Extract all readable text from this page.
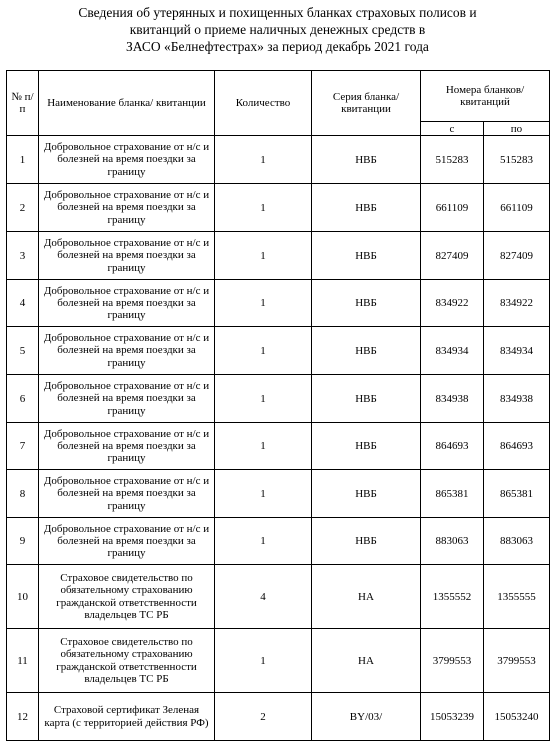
Сведения об утерянных и похищенных бланках страховых полисов и
квитанций о приеме наличных денежных средств в
ЗАСО «Белнефтестрах» за период декабрь 2021 года
№ п/п	Наименование бланка/ квитанции	Количество	Серия бланка/ квитанции	Номера бланков/квитанций	
				с	по
1	Добровольное страхование от н/с и болезней на время поездки за границу	1	НВБ	515283	515283
2	Добровольное страхование от н/с и болезней на время поездки за границу	1	НВБ	661109	661109
3	Добровольное страхование от н/с и болезней на время поездки за границу	1	НВБ	827409	827409
4	Добровольное страхование от н/с и болезней на время поездки за границу	1	НВБ	834922	834922
5	Добровольное страхование от н/с и болезней на время поездки за границу	1	НВБ	834934	834934
6	Добровольное страхование от н/с и болезней на время поездки за границу	1	НВБ	834938	834938
7	Добровольное страхование от н/с и болезней на время поездки за границу	1	НВБ	864693	864693
8	Добровольное страхование от н/с и болезней на время поездки за границу	1	НВБ	865381	865381
9	Добровольное страхование от н/с и болезней на время поездки за границу	1	НВБ	883063	883063
10	Страховое свидетельство по обязательному страхованию гражданской ответственности владельцев ТС РБ	4	НА	1355552	1355555
11	Страховое свидетельство по обязательному страхованию гражданской ответственности владельцев ТС РБ	1	НА	3799553	3799553
12	Страховой сертификат Зеленая карта (с территорией действия РФ)	2	BY/03/	15053239	15053240
